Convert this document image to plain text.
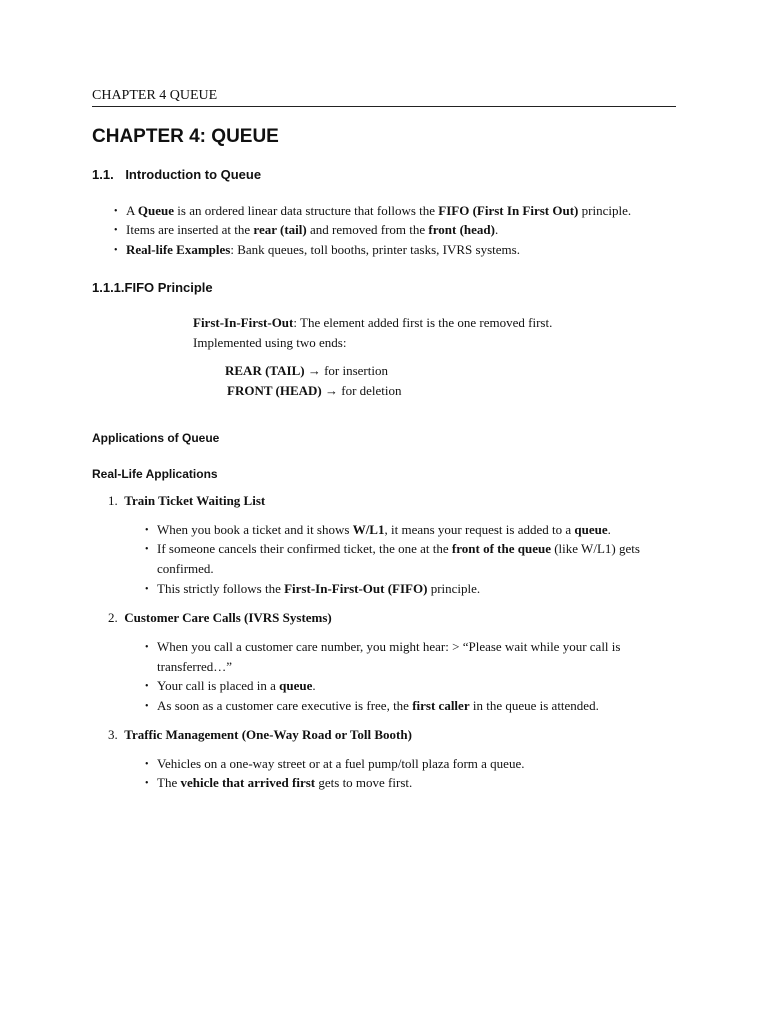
CHAPTER 4 QUEUE
CHAPTER 4: QUEUE
1.1. Introduction to Queue
• A Queue is an ordered linear data structure that follows the FIFO (First In First Out) principle.
• Items are inserted at the rear (tail) and removed from the front (head).
• Real-life Examples: Bank queues, toll booths, printer tasks, IVRS systems.
1.1.1.FIFO Principle
First-In-First-Out: The element added first is the one removed first.
Implemented using two ends:
REAR (TAIL) → for insertion
FRONT (HEAD) → for deletion
Applications of Queue
Real-Life Applications
1. Train Ticket Waiting List
• When you book a ticket and it shows W/L1, it means your request is added to a queue.
• If someone cancels their confirmed ticket, the one at the front of the queue (like W/L1) gets
confirmed.
• This strictly follows the First-In-First-Out (FIFO) principle.
2. Customer Care Calls (IVRS Systems)
• When you call a customer care number, you might hear: > “Please wait while your call is
transferred…”
• Your call is placed in a queue.
• As soon as a customer care executive is free, the first caller in the queue is attended.
3. Traffic Management (One-Way Road or Toll Booth)
• Vehicles on a one-way street or at a fuel pump/toll plaza form a queue.
• The vehicle that arrived first gets to move first.
